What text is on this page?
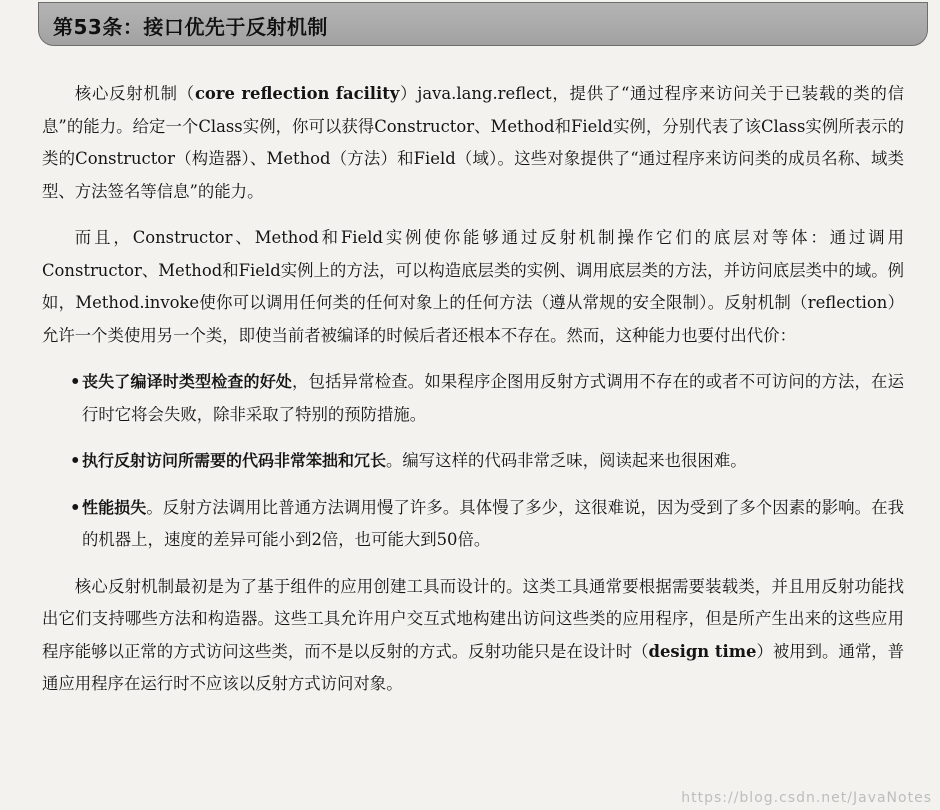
第53条：接口优先于反射机制

核心反射机制（core reflection facility）java.lang.reflect，提供了“通过程序来访问关于已装载的类的信息”的能力。给定一个Class实例，你可以获得Constructor、Method和Field实例，分别代表了该Class实例所表示的类的Constructor（构造器）、Method（方法）和Field（域）。这些对象提供了“通过程序来访问类的成员名称、域类型、方法签名等信息”的能力。

而且，Constructor、Method和Field实例使你能够通过反射机制操作它们的底层对等体：通过调用Constructor、Method和Field实例上的方法，可以构造底层类的实例、调用底层类的方法，并访问底层类中的域。例如，Method.invoke使你可以调用任何类的任何对象上的任何方法（遵从常规的安全限制）。反射机制（reflection）允许一个类使用另一个类，即使当前者被编译的时候后者还根本不存在。然而，这种能力也要付出代价：

• 丧失了编译时类型检查的好处，包括异常检查。如果程序企图用反射方式调用不存在的或者不可访问的方法，在运行时它将会失败，除非采取了特别的预防措施。
• 执行反射访问所需要的代码非常笨拙和冗长。编写这样的代码非常乏味，阅读起来也很困难。
• 性能损失。反射方法调用比普通方法调用慢了许多。具体慢了多少，这很难说，因为受到了多个因素的影响。在我的机器上，速度的差异可能小到2倍，也可能大到50倍。

核心反射机制最初是为了基于组件的应用创建工具而设计的。这类工具通常要根据需要装载类，并且用反射功能找出它们支持哪些方法和构造器。这些工具允许用户交互式地构建出访问这些类的应用程序，但是所产生出来的这些应用程序能够以正常的方式访问这些类，而不是以反射的方式。反射功能只是在设计时（design time）被用到。通常，普通应用程序在运行时不应该以反射方式访问对象。

https://blog.csdn.net/JavaNotes
